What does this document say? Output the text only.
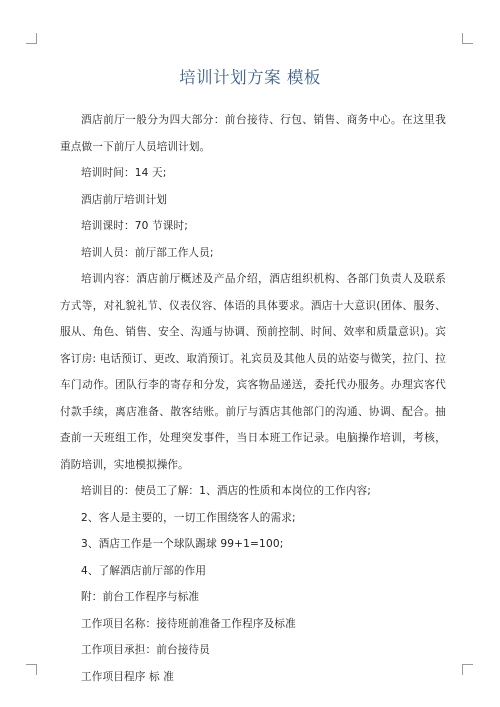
培训计划方案 模板

酒店前厅一般分为四大部分：前台接待、行包、销售、商务中心。在这里我重点做一下前厅人员培训计划。

培训时间：14 天;

酒店前厅培训计划

培训课时：70 节课时;

培训人员：前厅部工作人员;

培训内容：酒店前厅概述及产品介绍，酒店组织机构、各部门负责人及联系方式等，对礼貌礼节、仪表仪容、体语的具体要求。酒店十大意识(团体、服务、服从、角色、销售、安全、沟通与协调、预前控制、时间、效率和质量意识)。宾客订房: 电话预订、更改、取消预订。礼宾员及其他人员的站姿与微笑，拉门、拉车门动作。团队行李的寄存和分发，宾客物品递送，委托代办服务。办理宾客代付款手续，离店准备、散客结账。前厅与酒店其他部门的沟通、协调、配合。抽查前一天班组工作，处理突发事件，当日本班工作记录。电脑操作培训，考核，消防培训，实地模拟操作。

培训目的：使员工了解：1、酒店的性质和本岗位的工作内容;

2、客人是主要的，一切工作围绕客人的需求;

3、酒店工作是一个球队踢球 99+1=100;

4、了解酒店前厅部的作用

附：前台工作程序与标准

工作项目名称：接待班前准备工作程序及标准

工作项目承担：前台接待员

工作项目程序 标 准
